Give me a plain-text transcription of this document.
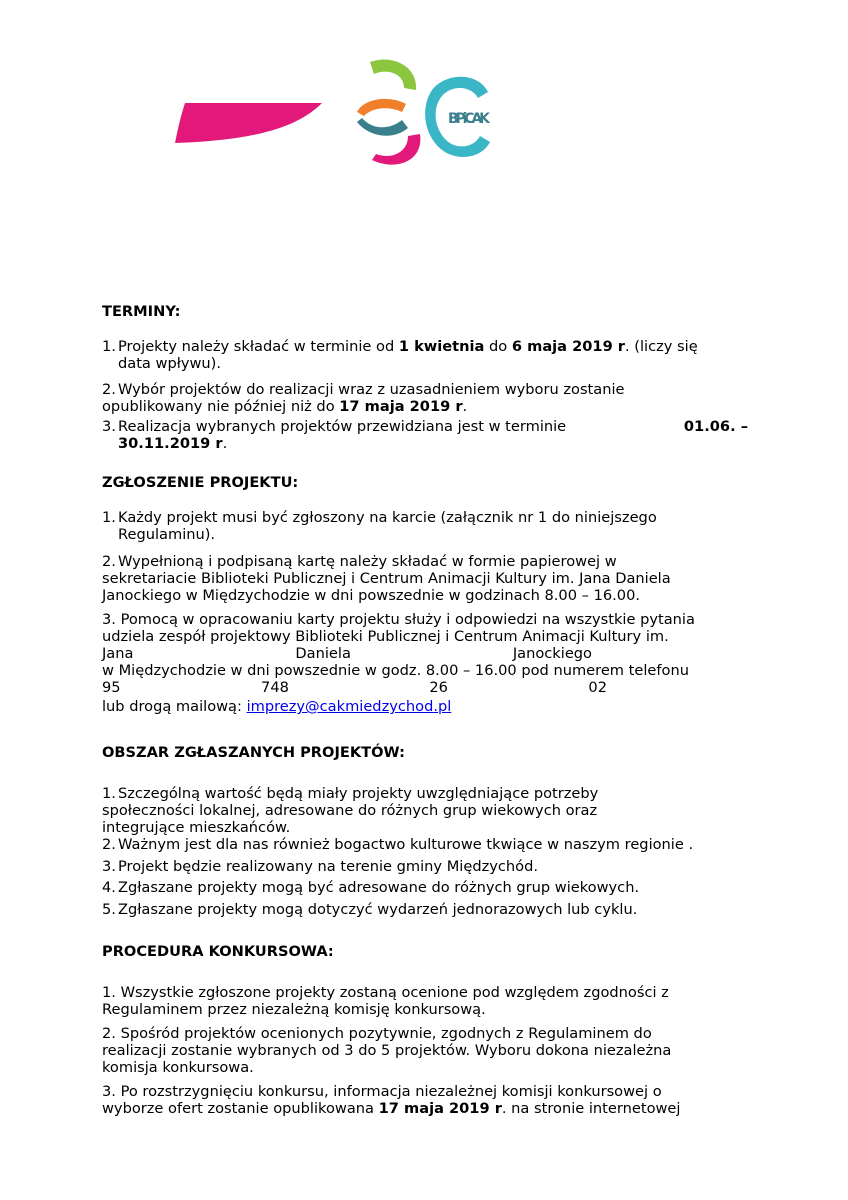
BPiCAK
TERMINY:
1. Projekty należy składać w terminie od 1 kwietnia do 6 maja 2019 r. (liczy się
data wpływu).
2. Wybór projektów do realizacji wraz z uzasadnieniem wyboru zostanie
opublikowany nie później niż do 17 maja 2019 r.
3. Realizacja wybranych projektów przewidziana jest w terminie	01.06. –
30.11.2019 r.
ZGŁOSZENIE PROJEKTU:
1. Każdy projekt musi być zgłoszony na karcie (załącznik nr 1 do niniejszego
Regulaminu).
2. Wypełnioną i podpisaną kartę należy składać w formie papierowej w
sekretariacie Biblioteki Publicznej i Centrum Animacji Kultury im. Jana Daniela
Janockiego w Międzychodzie w dni powszednie w godzinach 8.00 – 16.00.
3. Pomocą w opracowaniu karty projektu służy i odpowiedzi na wszystkie pytania
udziela zespół projektowy Biblioteki Publicznej i Centrum Animacji Kultury im.
Jana	Daniela	Janockiego
w Międzychodzie w dni powszednie w godz. 8.00 – 16.00 pod numerem telefonu
95	748	26	02
lub drogą mailową: imprezy@cakmiedzychod.pl
OBSZAR ZGŁASZANYCH PROJEKTÓW:
1. Szczególną wartość będą miały projekty uwzględniające potrzeby
społeczności lokalnej, adresowane do różnych grup wiekowych oraz
integrujące mieszkańców.
2. Ważnym jest dla nas również bogactwo kulturowe tkwiące w naszym regionie .
3. Projekt będzie realizowany na terenie gminy Międzychód.
4. Zgłaszane projekty mogą być adresowane do różnych grup wiekowych.
5. Zgłaszane projekty mogą dotyczyć wydarzeń jednorazowych lub cyklu.
PROCEDURA KONKURSOWA:
1. Wszystkie zgłoszone projekty zostaną ocenione pod względem zgodności z
Regulaminem przez niezależną komisję konkursową.
2. Spośród projektów ocenionych pozytywnie, zgodnych z Regulaminem do
realizacji zostanie wybranych od 3 do 5 projektów. Wyboru dokona niezależna
komisja konkursowa.
3. Po rozstrzygnięciu konkursu, informacja niezależnej komisji konkursowej o
wyborze ofert zostanie opublikowana 17 maja 2019 r. na stronie internetowej
